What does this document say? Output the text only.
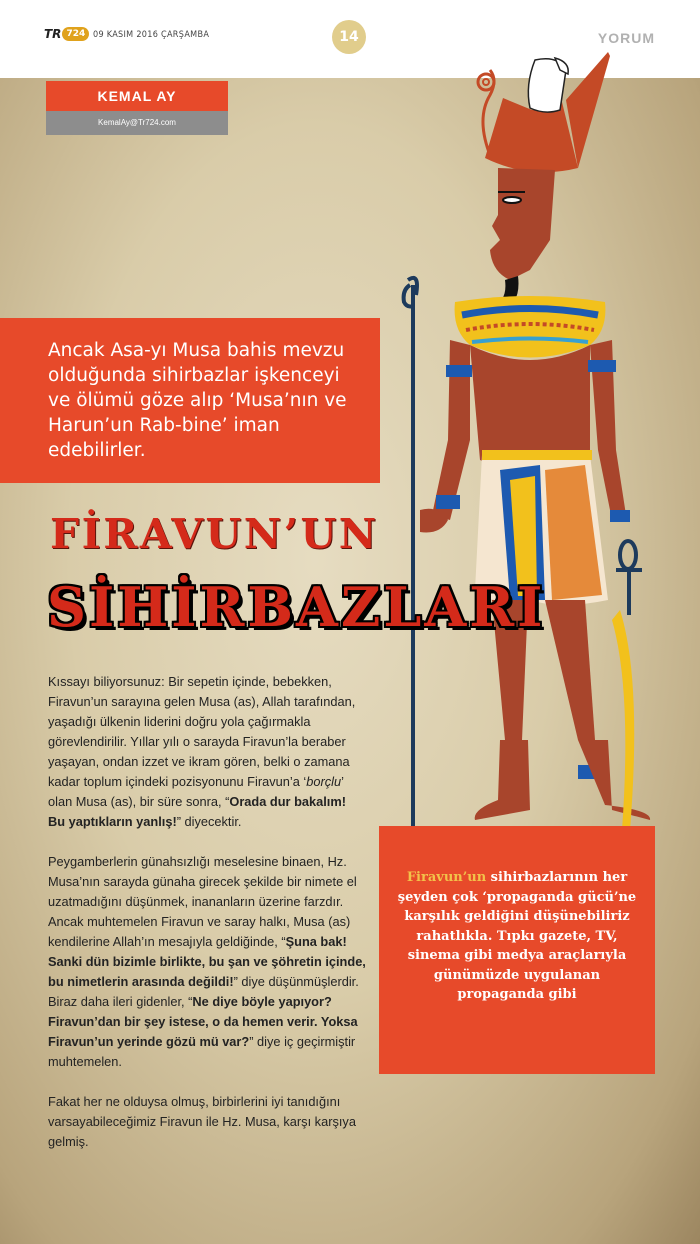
TR 724 09 KASIM 2016 ÇARŞAMBA	14	YORUM
KEMAL AY
KemalAy@Tr724.com
Ancak Asa-yı Musa bahis mevzu olduğunda sihirbazlar işkenceyi ve ölümü göze alıp ‘Musa’nın ve Harun’un Rab-bine’ iman edebilirler.
FİRAVUN’UN
SİHİRBAZLARI

Kıssayı biliyorsunuz: Bir sepetin içinde, bebekken, Firavun’un sarayına gelen Musa (as), Allah tarafından, yaşadığı ülkenin liderini doğru yola çağırmakla görevlendirilir. Yıllar yılı o sarayda Firavun’la beraber yaşayan, ondan izzet ve ikram gören, belki o zamana kadar toplum içindeki pozisyonunu Firavun’a ‘borçlu’ olan Musa (as), bir süre sonra, “Orada dur bakalım! Bu yaptıkların yanlış!” diyecektir.

Peygamberlerin günahsızlığı meselesine binaen, Hz. Musa’nın sarayda günaha girecek şekilde bir nimete el uzatmadığını düşünmek, inananların üzerine farzdır. Ancak muhtemelen Firavun ve saray halkı, Musa (as) kendilerine Allah’ın mesajıyla geldiğinde, “Şuna bak! Sanki dün bizimle birlikte, bu şan ve şöhretin içinde, bu nimetlerin arasında değildi!” diye düşünmüşlerdir. Biraz daha ileri gidenler, “Ne diye böyle yapıyor? Firavun’dan bir şey istese, o da hemen verir. Yoksa Firavun’un yerinde gözü mü var?” diye iç geçirmiştir muhtemelen.

Fakat her ne olduysa olmuş, birbirlerini iyi tanıdığını varsayabileceğimiz Firavun ile Hz. Musa, karşı karşıya gelmiş.

Firavun’un sihirbazlarının her şeyden çok ‘propaganda gücü’ne karşılık geldiğini düşünebiliriz rahatlıkla. Tıpkı gazete, TV, sinema gibi medya araçlarıyla günümüzde uygulanan propaganda gibi
